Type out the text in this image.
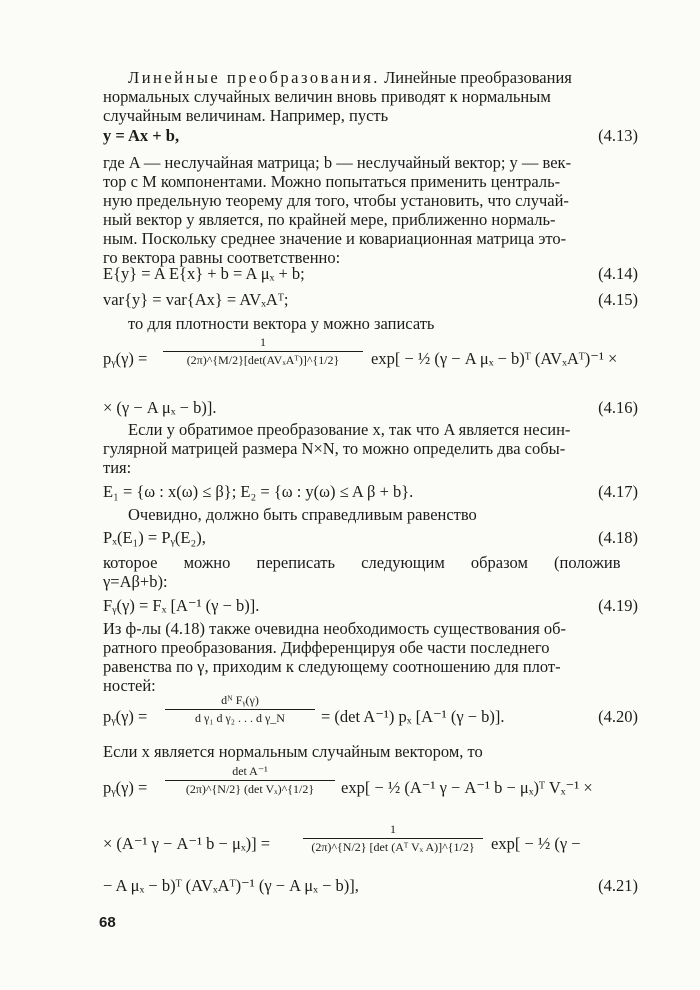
Линейные преобразования. Линейные преобразования
нормальных случайных величин вновь приводят к нормальным
случайным величинам. Например, пусть
y = Ax + b,	(4.13)
где A — неслучайная матрица; b — неслучайный вектор; y — век-
тор с M компонентами. Можно попытаться применить централь-
ную предельную теорему для того, чтобы установить, что случай-
ный вектор y является, по крайней мере, приближенно нормаль-
ным. Поскольку среднее значение и ковариационная матрица это-
го вектора равны соответственно:
E{y} = A E{x} + b = A μₓ + b;	(4.14)
var{y} = var{Ax} = AVₓAᵀ;	(4.15)
то для плотности вектора y можно записать
pᵧ(γ) = $\frac{1}{\text{(2π)\textasciicircum{}\{M/2\}[det(AVₓAᵀ)]\textasciicircum{}\{1/2\}}} \exp$[ − ½ (γ − A μₓ − b)ᵀ (AVₓAᵀ)⁻¹ ×
× (γ − A μₓ − b)].	(4.16)
Если y обратимое преобразование x, так что A является несин-
гулярной матрицей размера N×N, то можно определить два собы-
тия:
E₁ = {ω : x(ω) ≤ β}; E₂ = {ω : y(ω) ≤ A β + b}.	(4.17)
Очевидно, должно быть справедливым равенство
Pₓ(E₁) = Pᵧ(E₂),	(4.18)
которое можно переписать следующим образом (положив
γ=Aβ+b):
Fᵧ(γ) = Fₓ [A⁻¹ (γ − b)].	(4.19)
Из ф-лы (4.18) также очевидна необходимость существования об-
ратного преобразования. Дифференцируя обе части последнего
равенства по γ, приходим к следующему соотношению для плот-
ностей:
pᵧ(γ) = $\frac{\text{dᴺ Fᵧ(γ)}}{\text{d γ₁ d γ₂ . . . d γ\_N}} = (\det$ A⁻¹) pₓ [A⁻¹ (γ − b)].	(4.20)
Если x является нормальным случайным вектором, то
pᵧ(γ) = $\frac{\text{det A⁻¹}}{\text{(2π)\textasciicircum{}\{N/2\} (det Vₓ)\textasciicircum{}\{1/2\}}} \exp$[ − ½ (A⁻¹ γ − A⁻¹ b − μₓ)ᵀ Vₓ⁻¹ ×
× (A⁻¹ γ − A⁻¹ b − μₓ)] =	$\frac{1}{\text{(2π)\textasciicircum{}\{N/2\} [det (Aᵀ Vₓ A)]\textasciicircum{}\{1/2\}}} \exp$[ − ½ (γ −
− A μₓ − b)ᵀ (AVₓAᵀ)⁻¹ (γ − A μₓ − b)],	(4.21)
68
